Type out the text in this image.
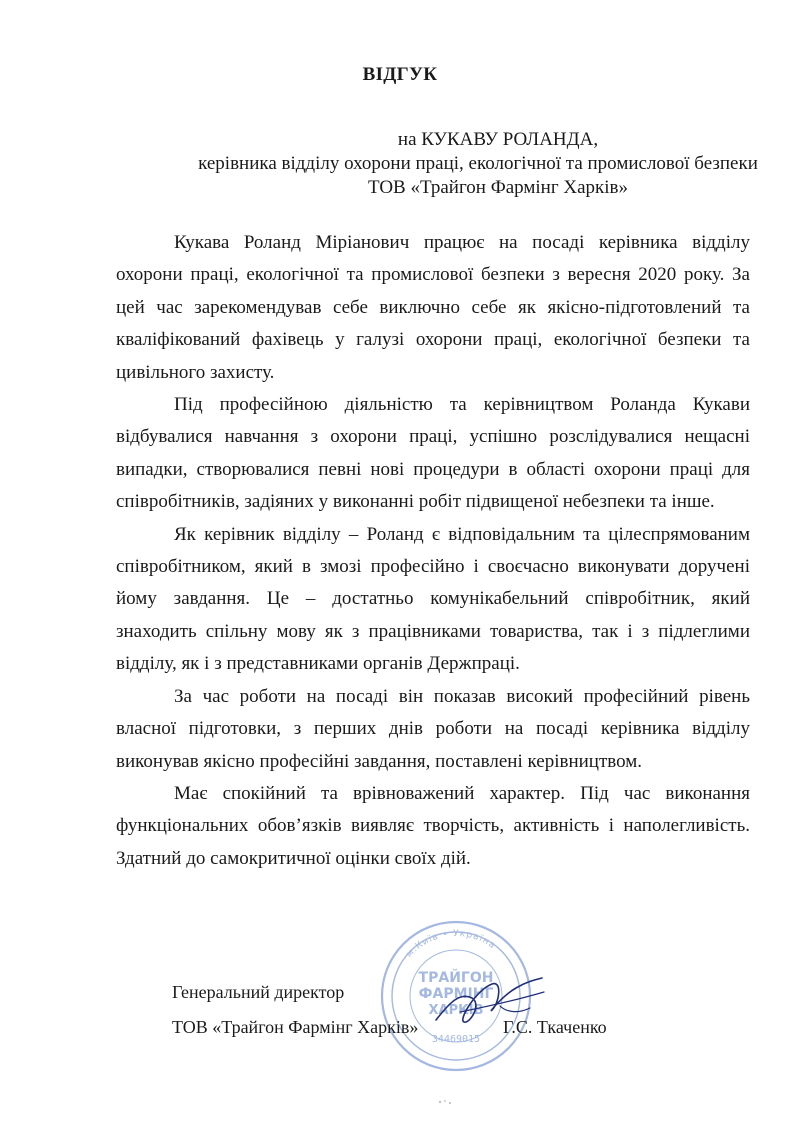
ВІДГУК
на КУКАВУ РОЛАНДА,
керівника відділу охорони праці, екологічної та промислової безпеки
ТОВ «Трайгон Фармінг Харків»

Кукава Роланд Міріанович працює на посаді керівника відділу охорони праці, екологічної та промислової безпеки з вересня 2020 року. За цей час зарекомендував себе виключно себе як якісно-підготовлений та кваліфікований фахівець у галузі охорони праці, екологічної безпеки та цивільного захисту.

Під професійною діяльністю та керівництвом Роланда Кукави відбувалися навчання з охорони праці, успішно розслідувалися нещасні випадки, створювалися певні нові процедури в області охорони праці для співробітників, задіяних у виконанні робіт підвищеної небезпеки та інше.

Як керівник відділу – Роланд є відповідальним та цілеспрямованим співробітником, який в змозі професійно і своєчасно виконувати доручені йому завдання. Це – достатньо комунікабельний співробітник, який знаходить спільну мову як з працівниками товариства, так і з підлеглими відділу, як і з представниками органів Держпраці.

За час роботи на посаді він показав високий професійний рівень власної підготовки, з перших днів роботи на посаді керівника відділу виконував якісно професійні завдання, поставлені керівництвом.

Має спокійний та врівноважений характер. Під час виконання функціональних обов’язків виявляє творчість, активність і наполегливість. Здатний до самокритичної оцінки своїх дій.

м.Київ • Україна
ТРАЙГОН
ФАРМІНГ
ХАРКІВ
34469015
Генеральний директор
ТОВ «Трайгон Фармінг Харків»	Г.С. Ткаченко
